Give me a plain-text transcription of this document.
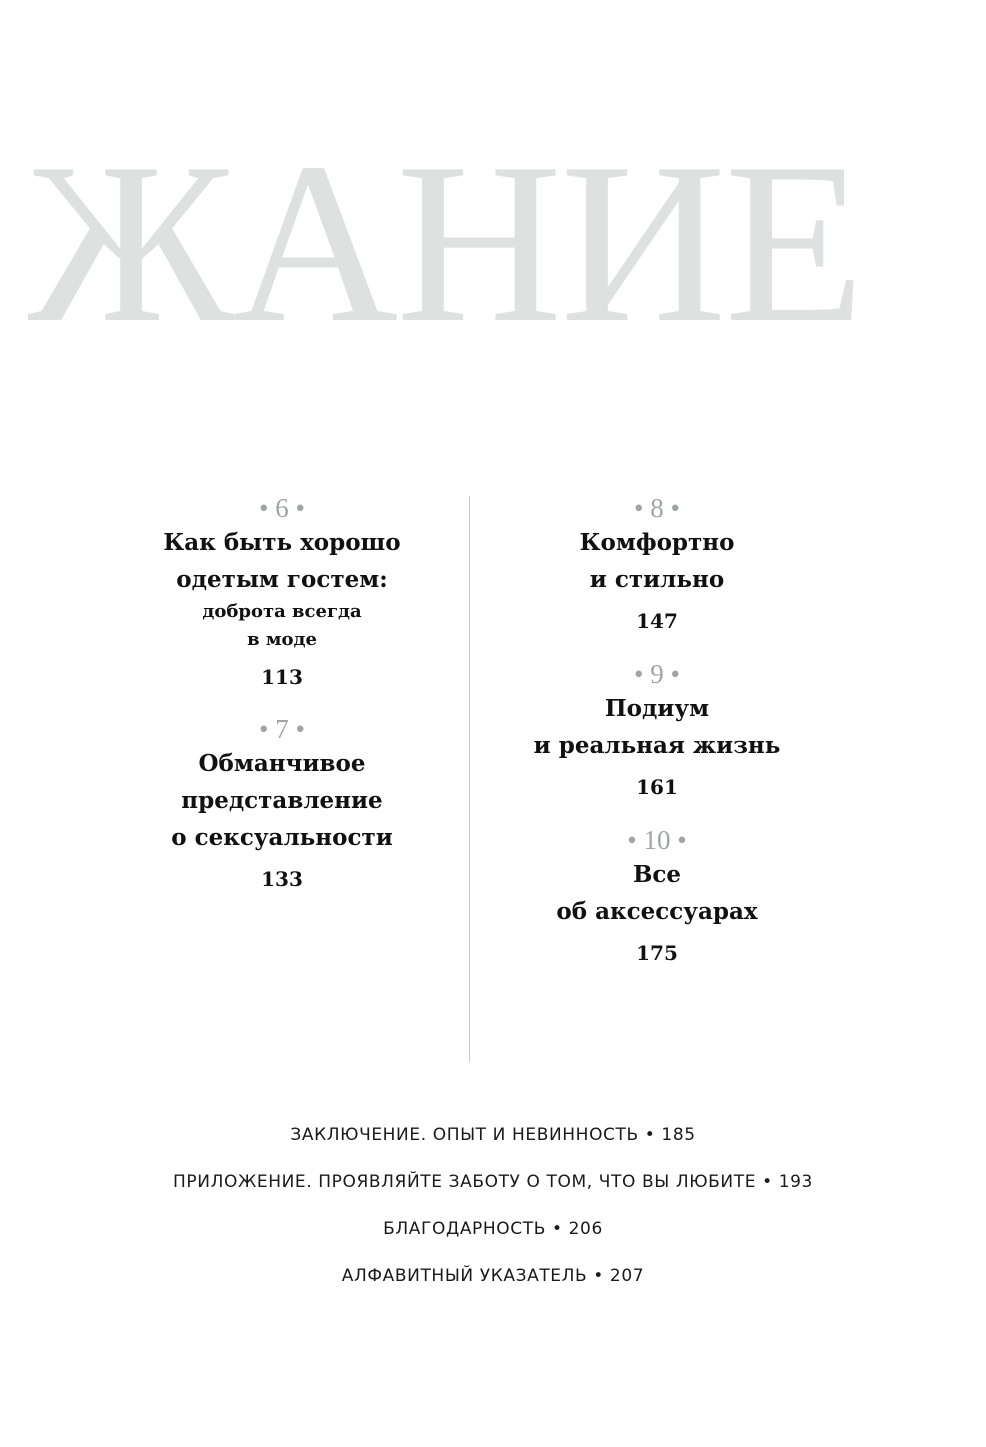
ЖАНИЕ
• 6 •
Как быть хорошо
одетым гостем:
доброта всегда
в моде
113
• 7 •
Обманчивое
представление
о сексуальности
133
• 8 •
Комфортно
и стильно
147
• 9 •
Подиум
и реальная жизнь
161
• 10 •
Все
об аксессуарах
175
ЗАКЛЮЧЕНИЕ. ОПЫТ И НЕВИННОСТЬ • 185
ПРИЛОЖЕНИЕ. ПРОЯВЛЯЙТЕ ЗАБОТУ О ТОМ, ЧТО ВЫ ЛЮБИТЕ • 193
БЛАГОДАРНОСТЬ • 206
АЛФАВИТНЫЙ УКАЗАТЕЛЬ • 207
